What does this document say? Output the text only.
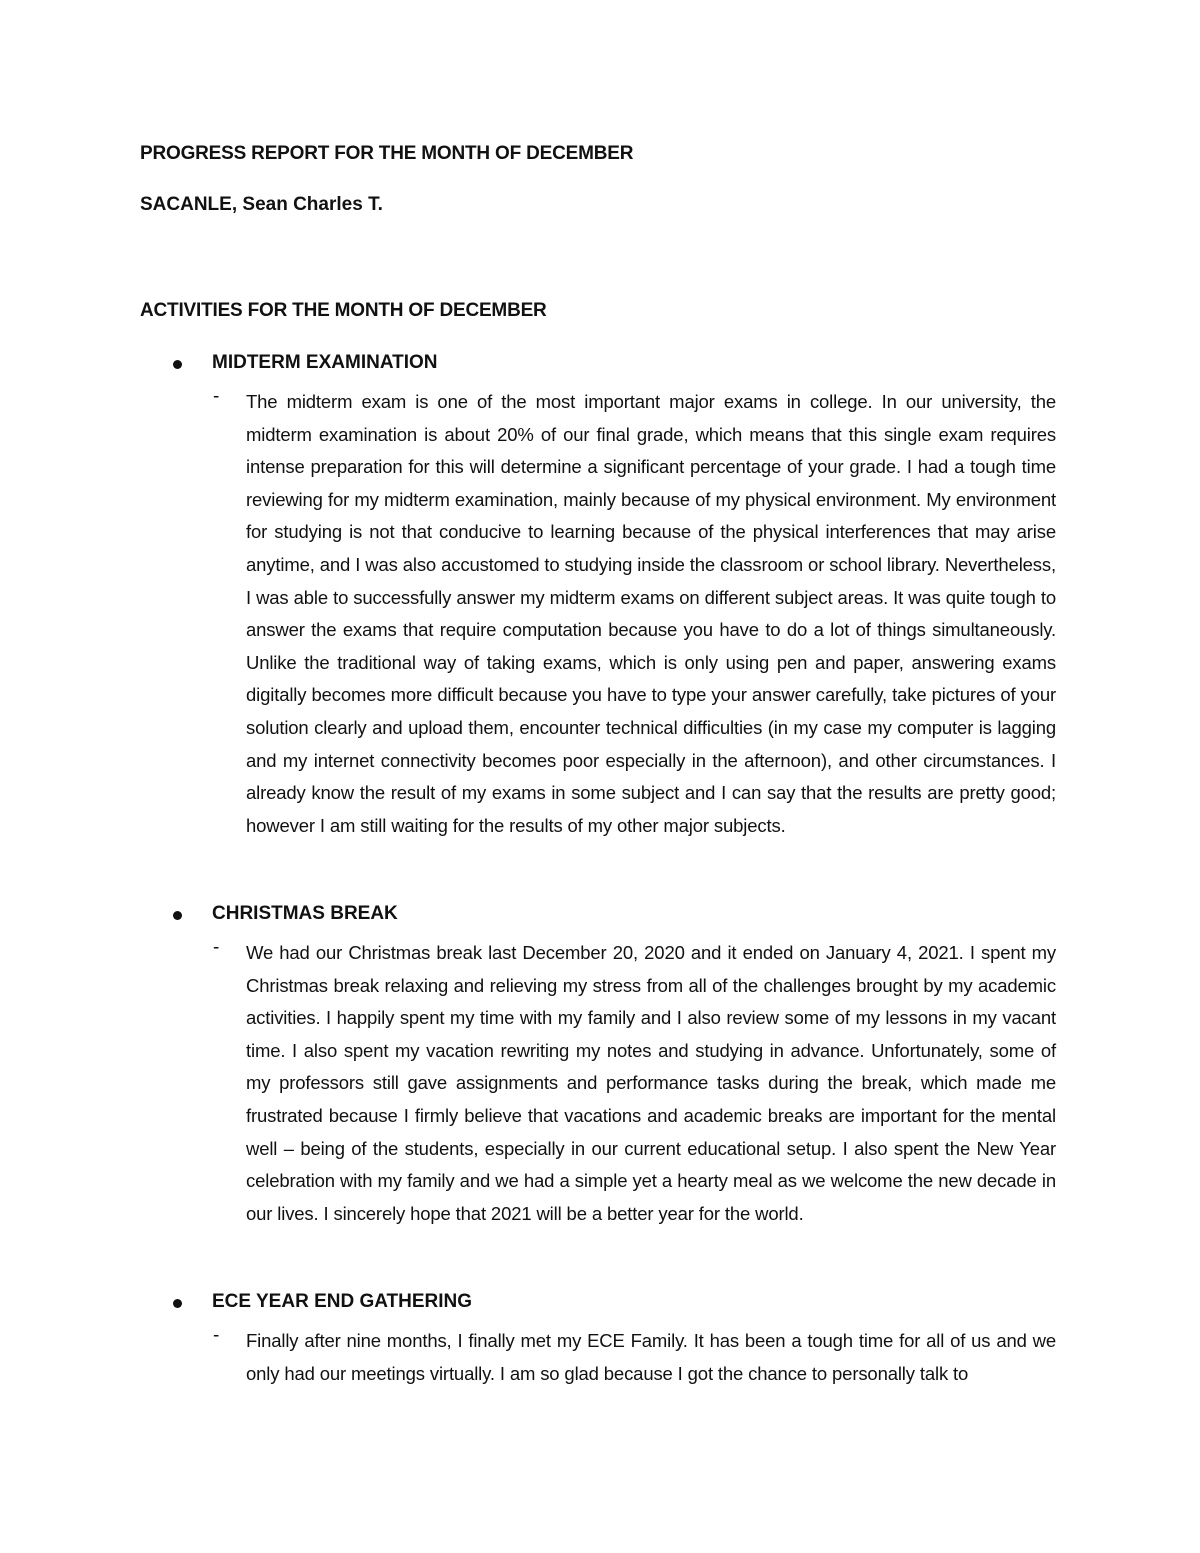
PROGRESS REPORT FOR THE MONTH OF DECEMBER
SACANLE, Sean Charles T.
ACTIVITIES FOR THE MONTH OF DECEMBER
MIDTERM EXAMINATION
- The midterm exam is one of the most important major exams in college. In our university, the midterm examination is about 20% of our final grade, which means that this single exam requires intense preparation for this will determine a significant percentage of your grade. I had a tough time reviewing for my midterm examination, mainly because of my physical environment. My environment for studying is not that conducive to learning because of the physical interferences that may arise anytime, and I was also accustomed to studying inside the classroom or school library. Nevertheless, I was able to successfully answer my midterm exams on different subject areas. It was quite tough to answer the exams that require computation because you have to do a lot of things simultaneously. Unlike the traditional way of taking exams, which is only using pen and paper, answering exams digitally becomes more difficult because you have to type your answer carefully, take pictures of your solution clearly and upload them, encounter technical difficulties (in my case my computer is lagging and my internet connectivity becomes poor especially in the afternoon), and other circumstances. I already know the result of my exams in some subject and I can say that the results are pretty good; however I am still waiting for the results of my other major subjects.
CHRISTMAS BREAK
- We had our Christmas break last December 20, 2020 and it ended on January 4, 2021. I spent my Christmas break relaxing and relieving my stress from all of the challenges brought by my academic activities. I happily spent my time with my family and I also review some of my lessons in my vacant time. I also spent my vacation rewriting my notes and studying in advance. Unfortunately, some of my professors still gave assignments and performance tasks during the break, which made me frustrated because I firmly believe that vacations and academic breaks are important for the mental well – being of the students, especially in our current educational setup. I also spent the New Year celebration with my family and we had a simple yet a hearty meal as we welcome the new decade in our lives. I sincerely hope that 2021 will be a better year for the world.
ECE YEAR END GATHERING
- Finally after nine months, I finally met my ECE Family. It has been a tough time for all of us and we only had our meetings virtually. I am so glad because I got the chance to personally talk to
